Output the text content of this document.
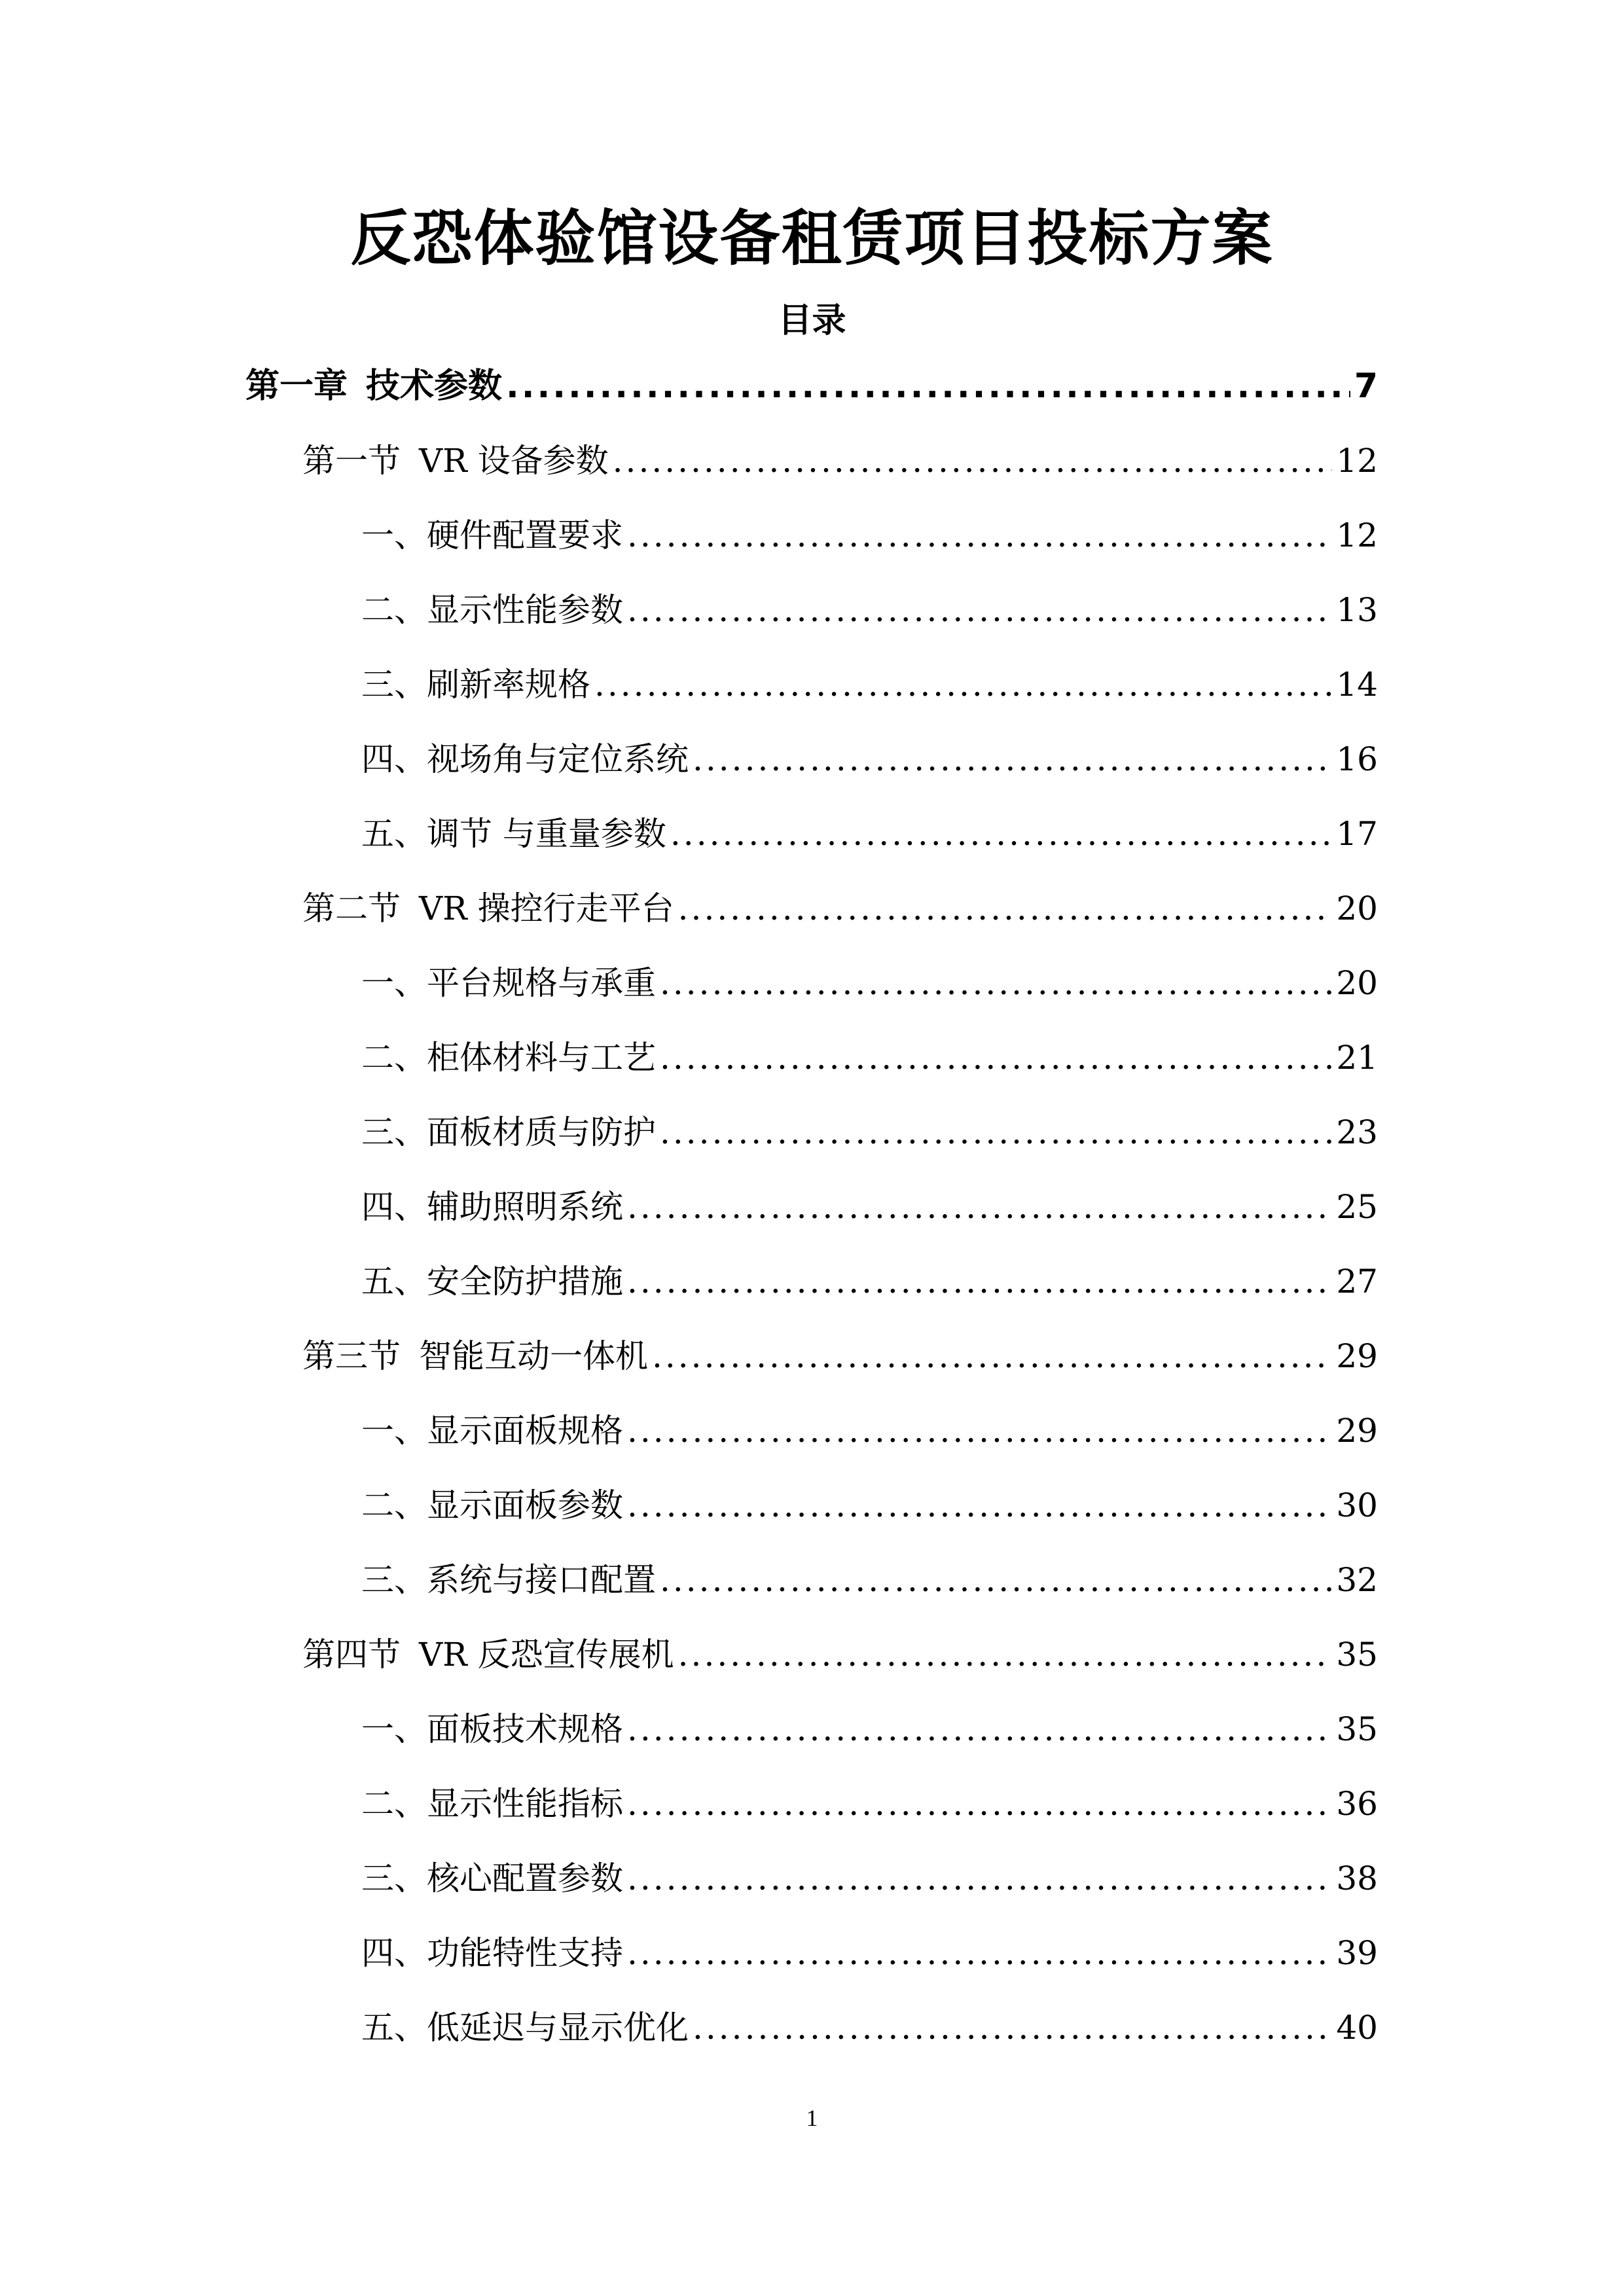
反恐体验馆设备租赁项目投标方案
目录
第一章 技术参数 .....	7
第一节 VR 设备参数 .....	12
一、 硬件配置要求 .....	12
二、 显示性能参数 .....	13
三、 刷新率规格 .....	14
四、 视场角与定位系统 .....	16
五、 调节 与重量参数 .....	17
第二节 VR 操控行走平台 .....	20
一、 平台规格与承重 .....	20
二、 柜体材料与工艺 .....	21
三、 面板材质与防护 .....	23
四、 辅助照明系统 .....	25
五、 安全防护措施 .....	27
第三节 智能互动一体机 .....	29
一、 显示面板规格 .....	29
二、 显示面板参数 .....	30
三、 系统与接口配置 .....	32
第四节 VR 反恐宣传展机 .....	35
一、 面板技术规格 .....	35
二、 显示性能指标 .....	36
三、 核心配置参数 .....	38
四、 功能特性支持 .....	39
五、 低延迟与显示优化 .....	40
1
